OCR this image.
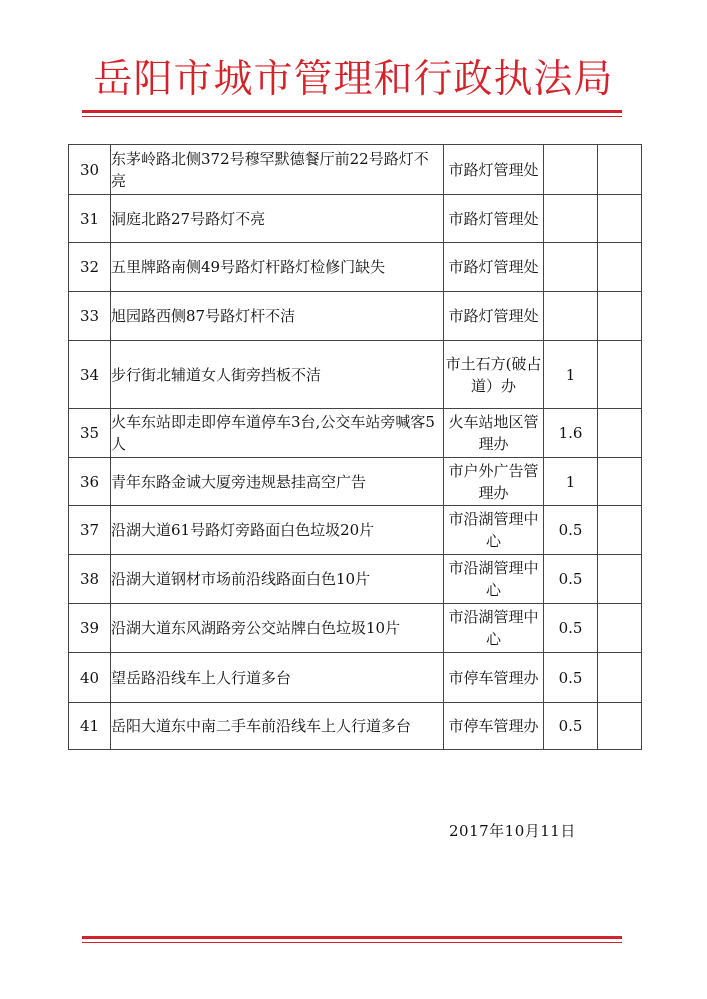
岳阳市城市管理和行政执法局
30	东茅岭路北侧372号穆罕默德餐厅前22号路灯不亮	市路灯管理处		
31	洞庭北路27号路灯不亮	市路灯管理处		
32	五里牌路南侧49号路灯杆路灯检修门缺失	市路灯管理处		
33	旭园路西侧87号路灯杆不洁	市路灯管理处		
34	步行街北辅道女人街旁挡板不洁	市土石方(破占道）办	1	
35	火车东站即走即停车道停车3台,公交车站旁喊客5人	火车站地区管理办	1.6	
36	青年东路金诚大厦旁违规悬挂高空广告	市户外广告管理办	1	
37	沿湖大道61号路灯旁路面白色垃圾20片	市沿湖管理中心	0.5	
38	沿湖大道钢材市场前沿线路面白色10片	市沿湖管理中心	0.5	
39	沿湖大道东风湖路旁公交站牌白色垃圾10片	市沿湖管理中心	0.5	
40	望岳路沿线车上人行道多台	市停车管理办	0.5	
41	岳阳大道东中南二手车前沿线车上人行道多台	市停车管理办	0.5	
2017年10月11日
